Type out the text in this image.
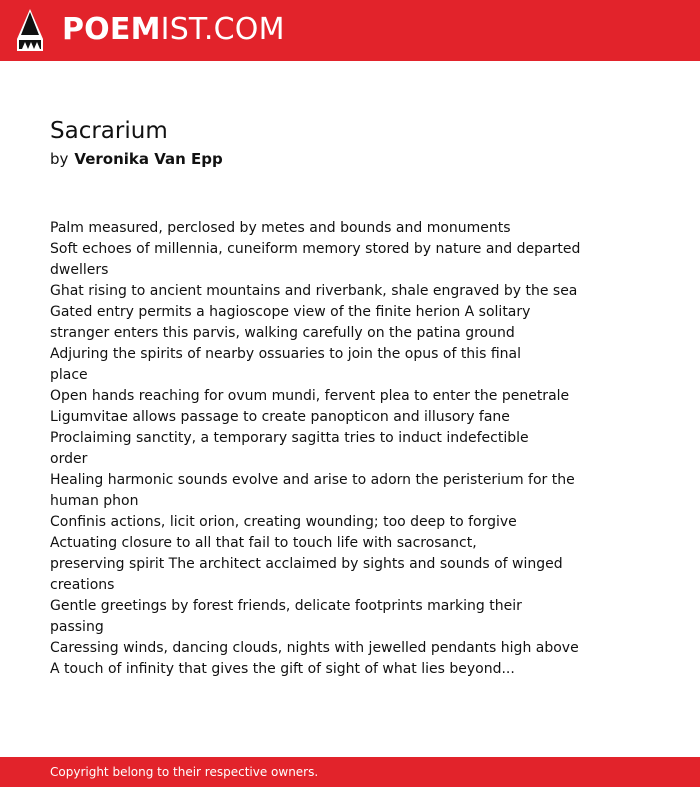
POEMIST.COM
Sacrarium
by Veronika Van Epp
Palm measured, perclosed by metes and bounds and monuments
Soft echoes of millennia, cuneiform memory stored by nature and departed
dwellers
Ghat rising to ancient mountains and riverbank, shale engraved by the sea
Gated entry permits a hagioscope view of the finite herion A solitary
stranger enters this parvis, walking carefully on the patina ground
Adjuring the spirits of nearby ossuaries to join the opus of this final
place
Open hands reaching for ovum mundi, fervent plea to enter the penetrale
Ligumvitae allows passage to create panopticon and illusory fane
Proclaiming sanctity, a temporary sagitta tries to induct indefectible
order
Healing harmonic sounds evolve and arise to adorn the peristerium for the
human phon
Confinis actions, licit orion, creating wounding; too deep to forgive
Actuating closure to all that fail to touch life with sacrosanct,
preserving spirit The architect acclaimed by sights and sounds of winged
creations
Gentle greetings by forest friends, delicate footprints marking their
passing
Caressing winds, dancing clouds, nights with jewelled pendants high above
A touch of infinity that gives the gift of sight of what lies beyond...
Copyright belong to their respective owners.
